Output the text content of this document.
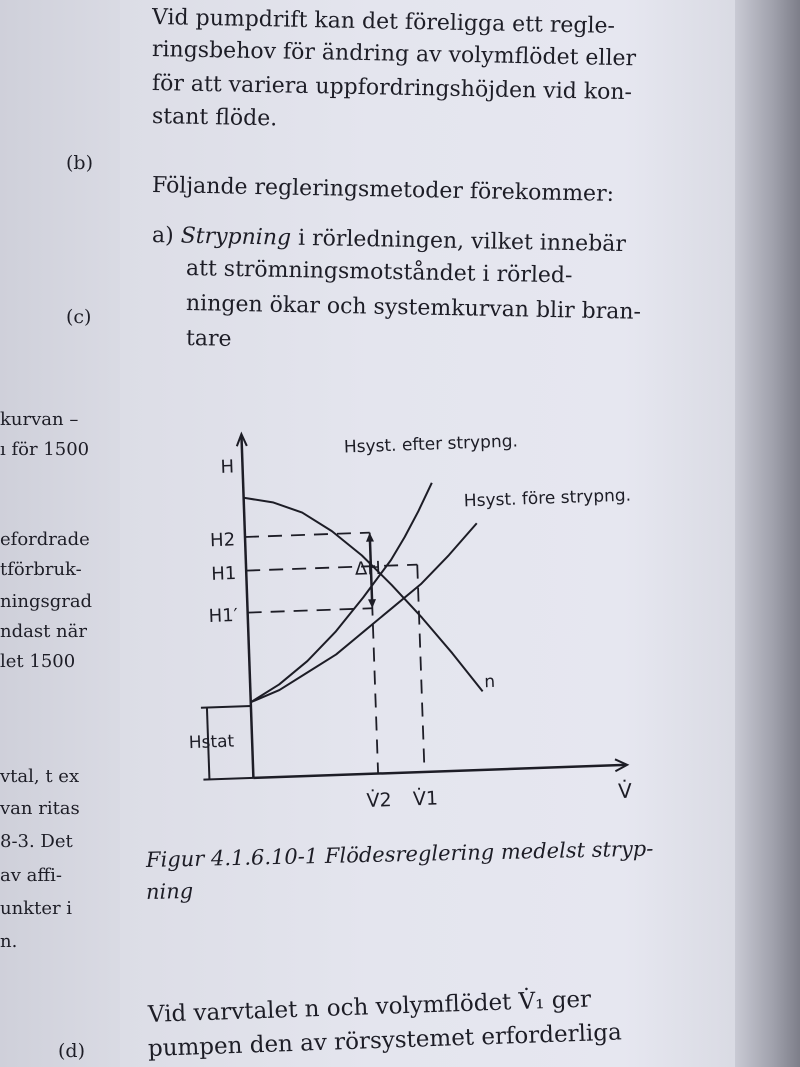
kurvan –
ı för 1500
efordrade
tförbruk-
ningsgrad
ndast när
let 1500
vtal, t ex
van ritas
8-3. Det
av affi-
unkter i
n.
(b)
(c)
(d)
Vid pumpdrift kan det föreligga ett regle-
ringsbehov för ändring av volymflödet eller
för att variera uppfordringshöjden vid kon-
stant flöde.
Följande regleringsmetoder förekommer:
a) Strypning i rörledningen, vilket innebär
att strömningsmotståndet i rörled-
ningen ökar och systemkurvan blir bran-
tare
H
V̇
H2
H1
H1′
Hstat
V̇2 V̇1
ΔH
n
Hsyst. efter strypng.
Hsyst. före strypng.
Figur 4.1.6.10-1 Flödesreglering medelst stryp-
ning
Vid varvtalet n och volymflödet V̇₁ ger
pumpen den av rörsystemet erforderliga
